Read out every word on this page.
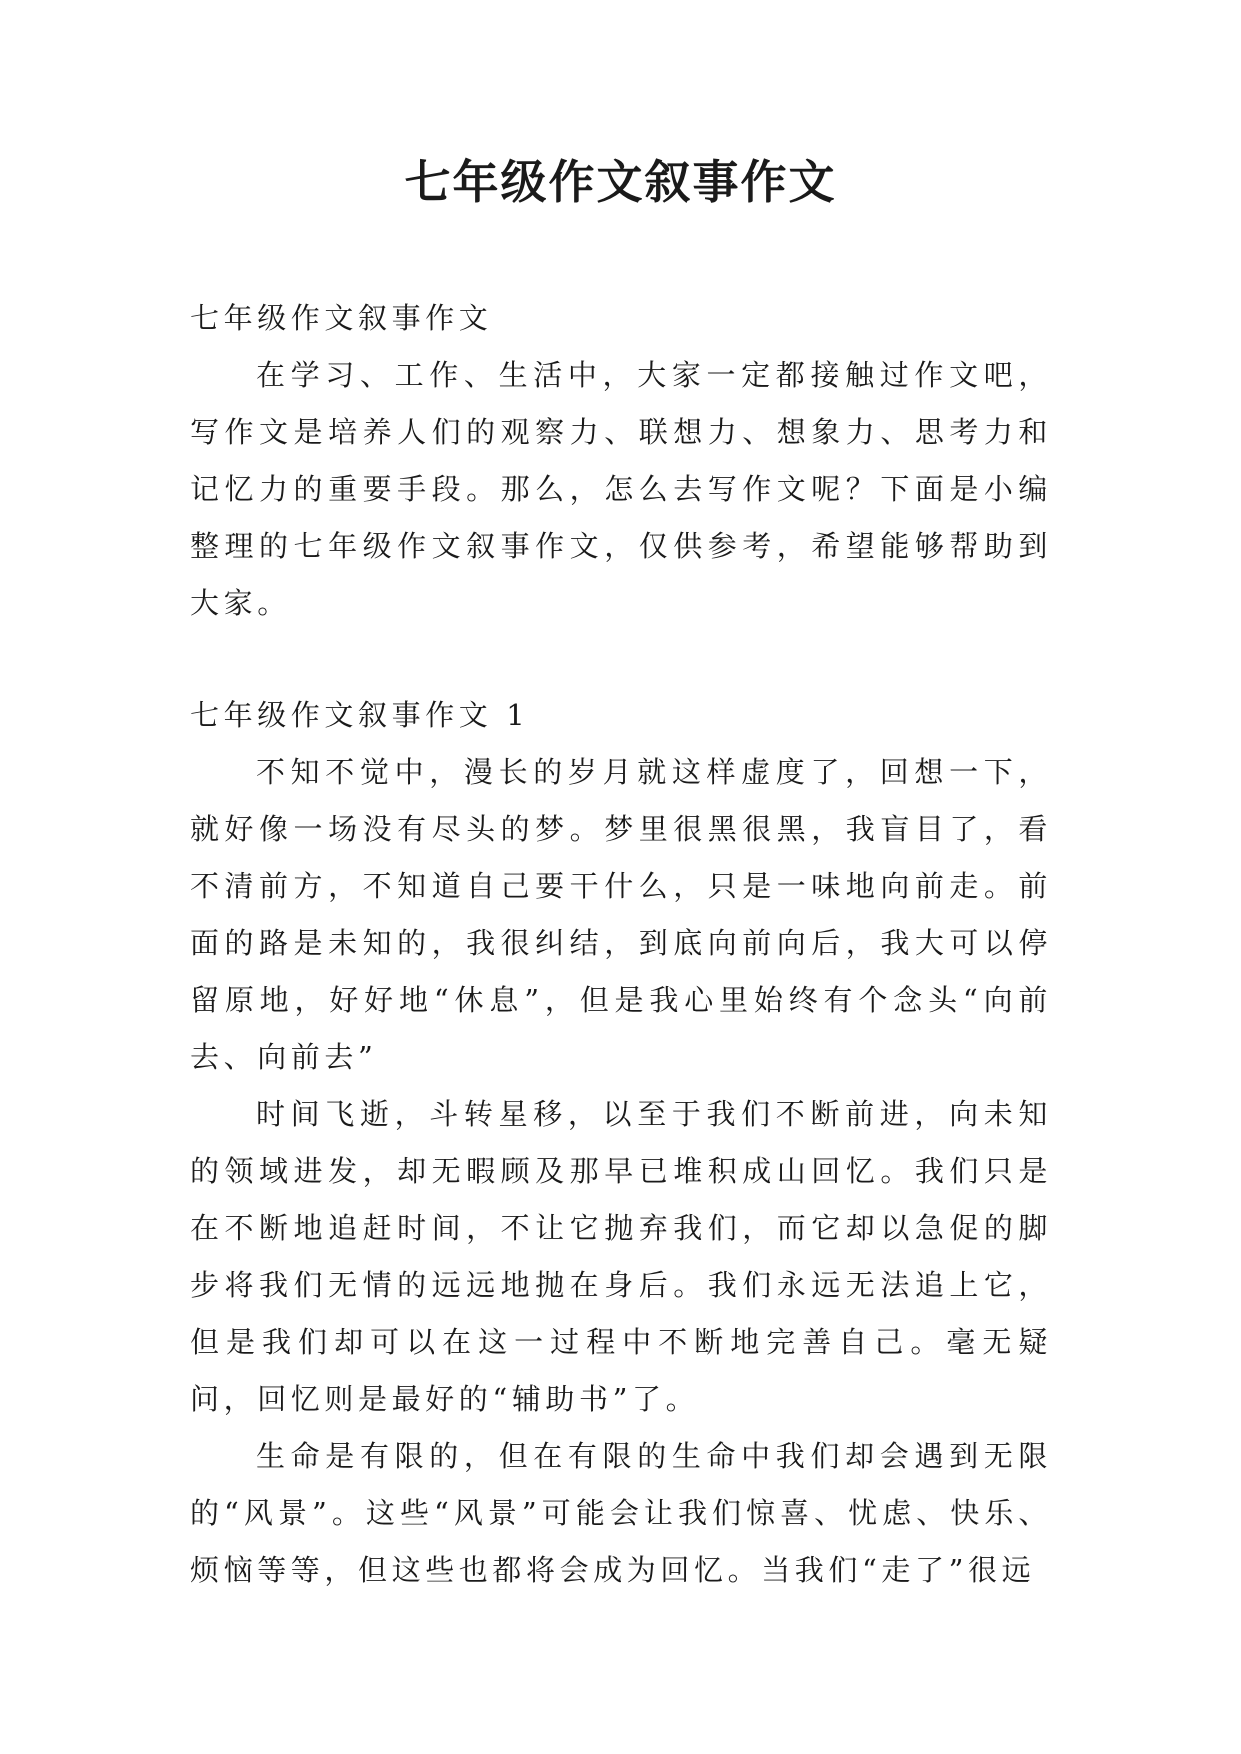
七年级作文叙事作文

七年级作文叙事作文

在学习、工作、生活中，大家一定都接触过作文吧，写作文是培养人们的观察力、联想力、想象力、思考力和记忆力的重要手段。那么，怎么去写作文呢？下面是小编整理的七年级作文叙事作文，仅供参考，希望能够帮助到大家。

七年级作文叙事作文 1

不知不觉中，漫长的岁月就这样虚度了，回想一下，就好像一场没有尽头的梦。梦里很黑很黑，我盲目了，看不清前方，不知道自己要干什么，只是一味地向前走。前面的路是未知的，我很纠结，到底向前向后，我大可以停留原地，好好地“休息”，但是我心里始终有个念头“向前去、向前去”

时间飞逝，斗转星移，以至于我们不断前进，向未知的领域进发，却无暇顾及那早已堆积成山回忆。我们只是在不断地追赶时间，不让它抛弃我们，而它却以急促的脚步将我们无情的远远地抛在身后。我们永远无法追上它，但是我们却可以在这一过程中不断地完善自己。毫无疑问，回忆则是最好的“辅助书”了。

生命是有限的，但在有限的生命中我们却会遇到无限的“风景”。这些“风景”可能会让我们惊喜、忧虑、快乐、烦恼等等，但这些也都将会成为回忆。当我们“走了”很远
